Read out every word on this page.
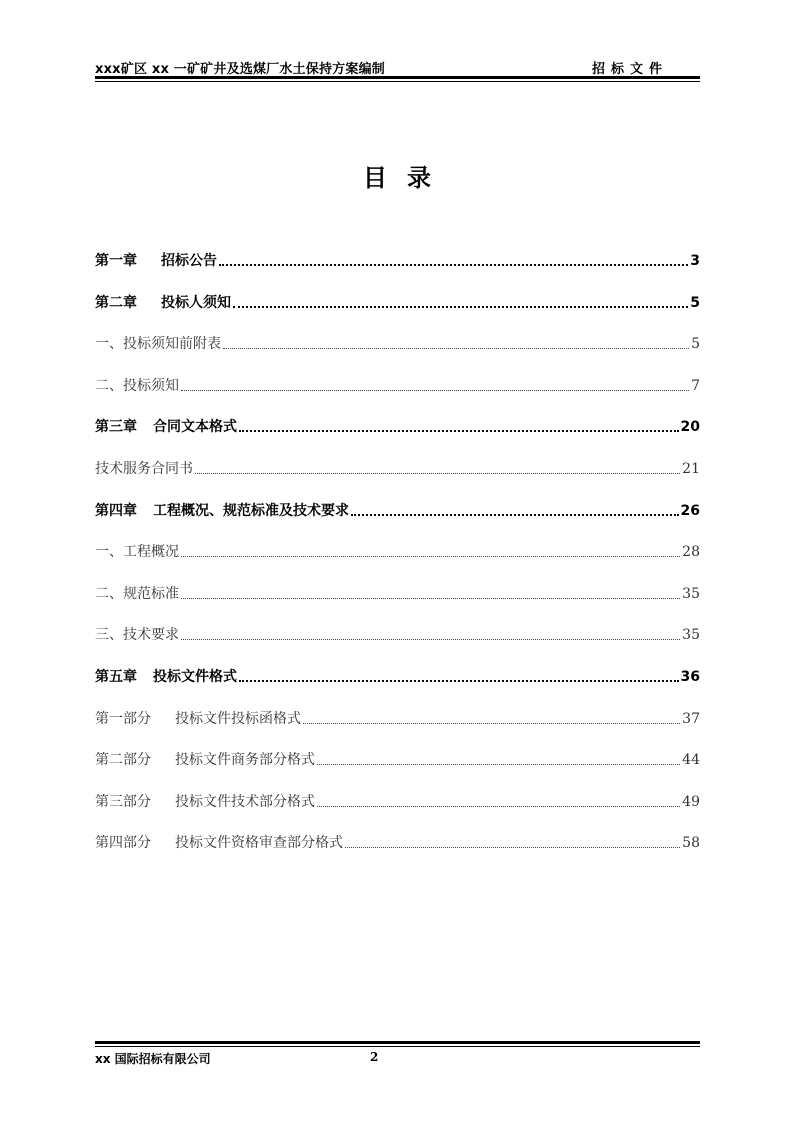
xxx矿区 xx 一矿矿井及选煤厂水土保持方案编制	招标文件
目录
第一章 招标公告	3
第二章 投标人须知	5
一、投标须知前附表	5
二、投标须知	7
第三章 合同文本格式	20
技术服务合同书	21
第四章 工程概况、规范标准及技术要求	26
一、工程概况	28
二、规范标准	35
三、技术要求	35
第五章 投标文件格式	36
第一部分 投标文件投标函格式	37
第二部分 投标文件商务部分格式	44
第三部分 投标文件技术部分格式	49
第四部分 投标文件资格审查部分格式	58
xx 国际招标有限公司	2
